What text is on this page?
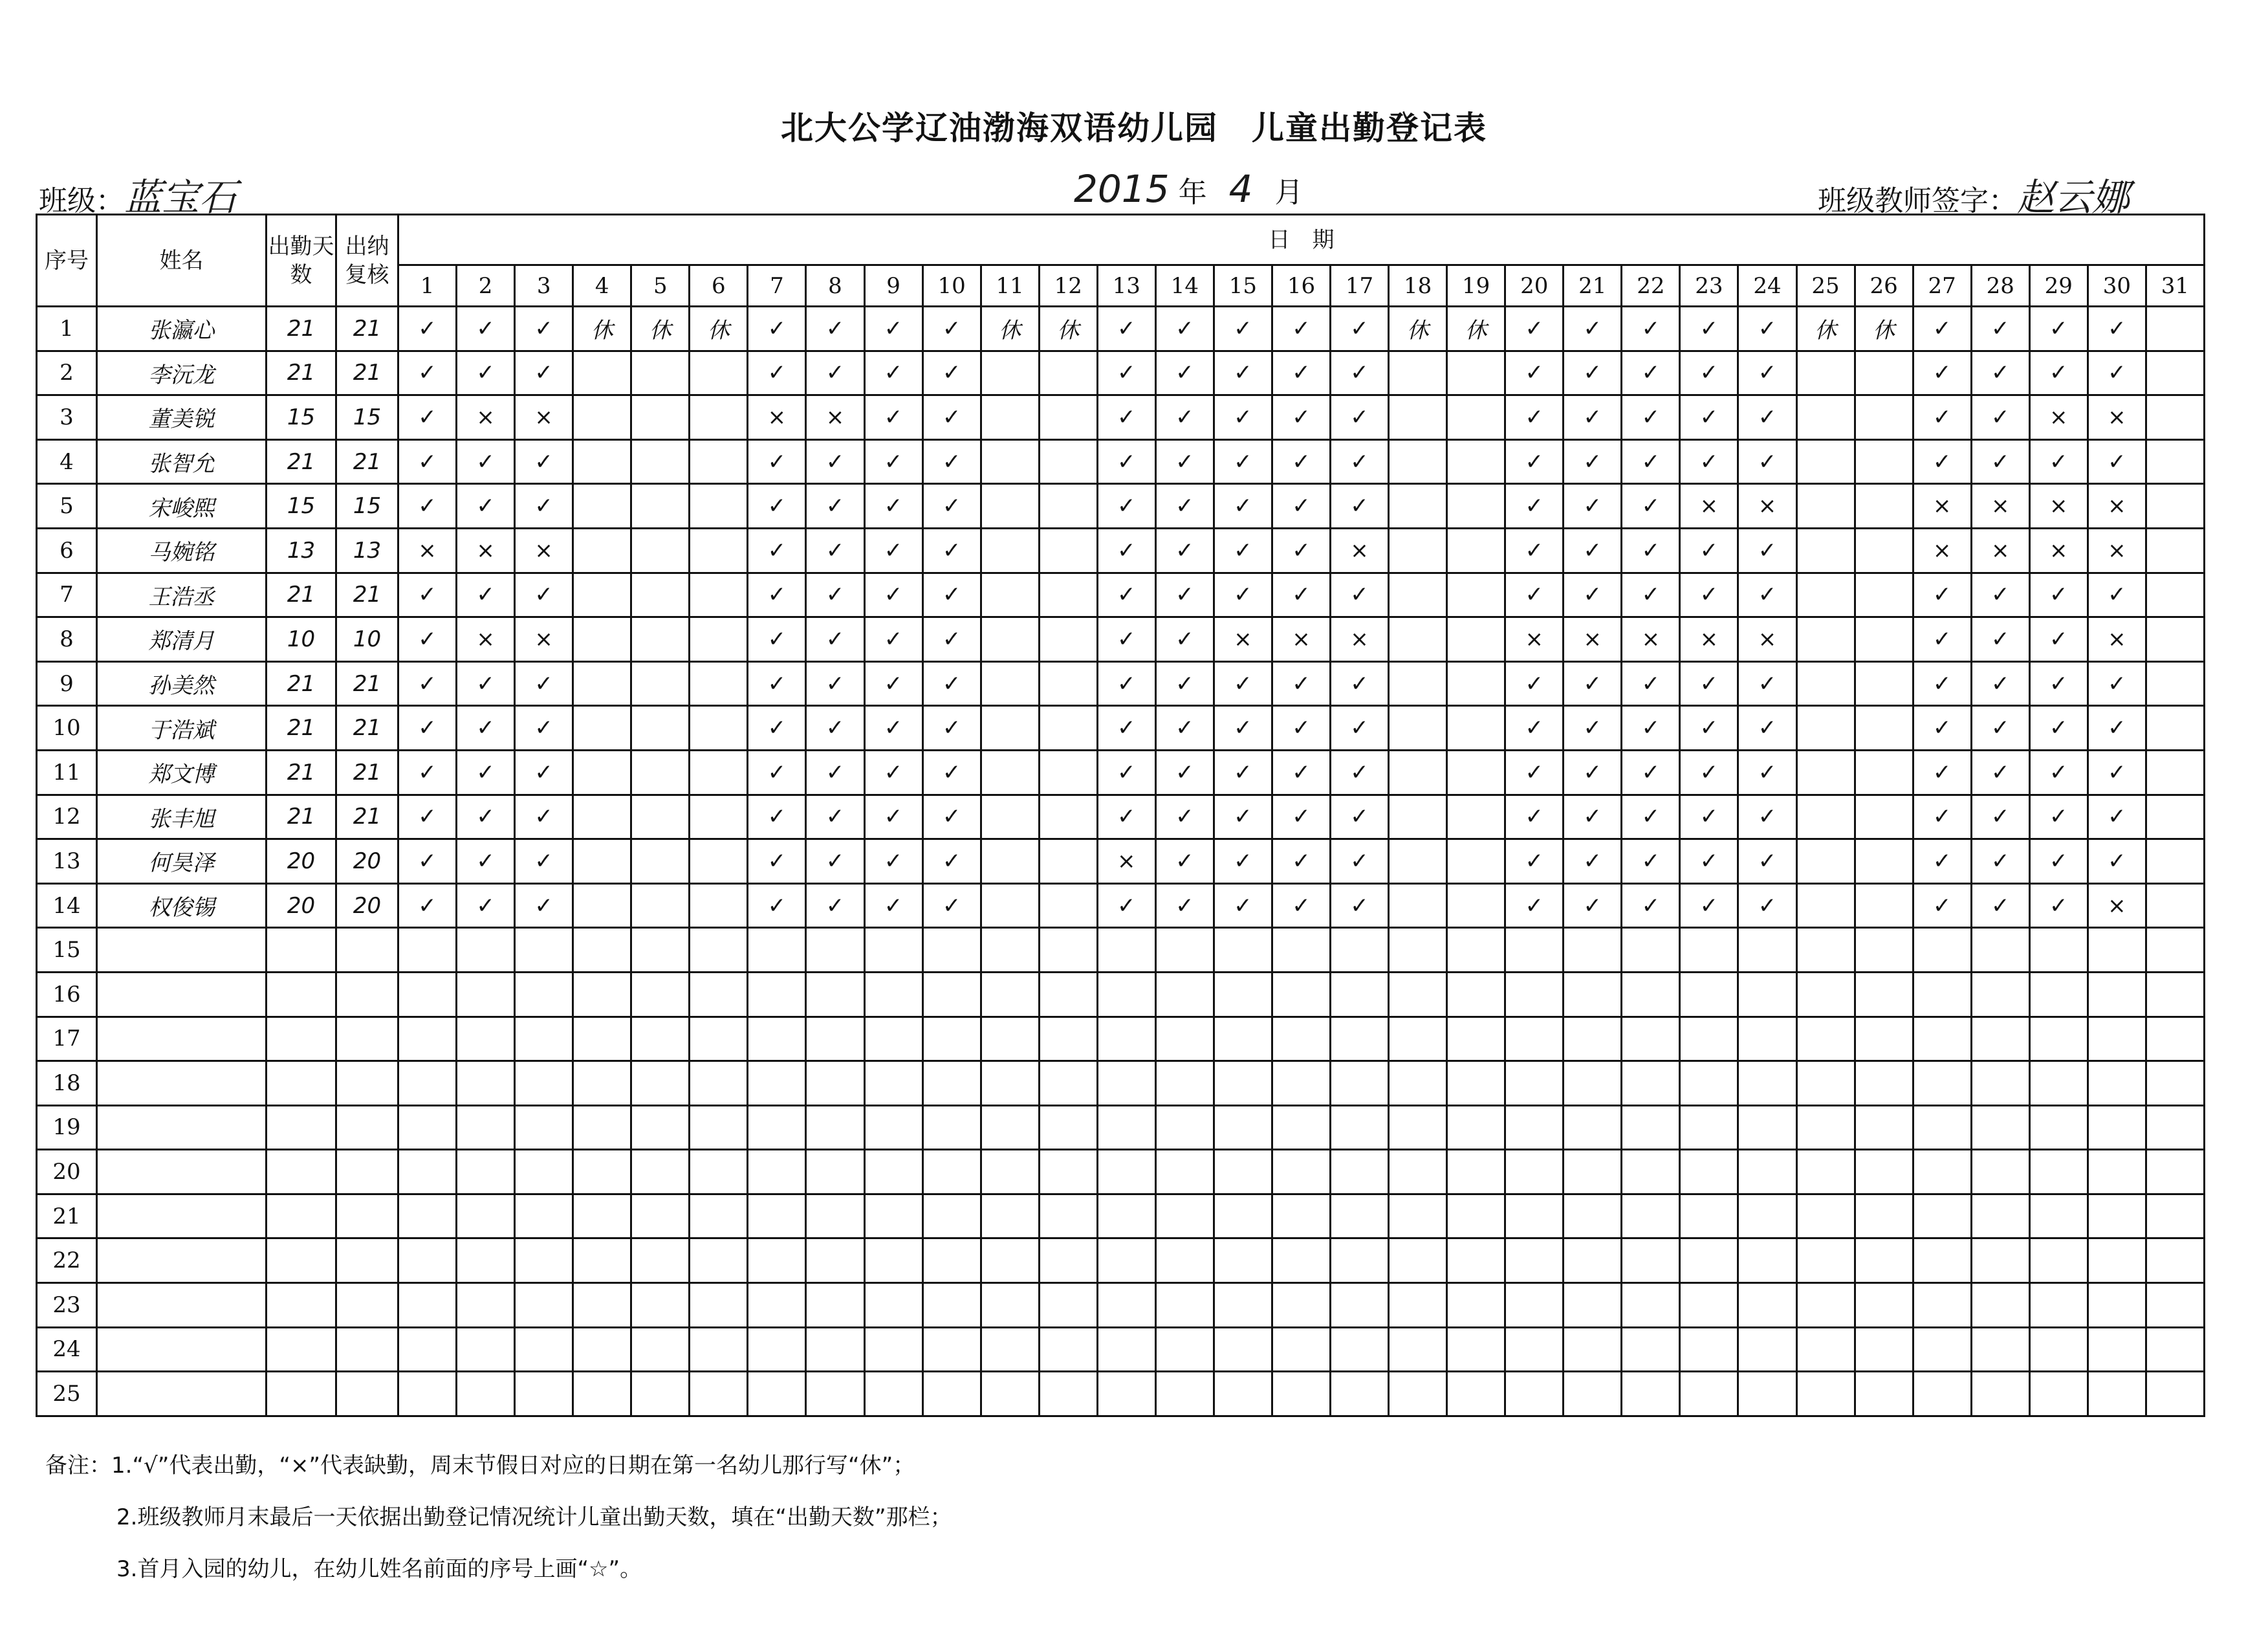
北大公学辽油渤海双语幼儿园　儿童出勤登记表
班级：蓝宝石	2015 年 4 月	班级教师签字：赵云娜
序号	姓名	出勤天数	出纳复核	日　期																														
				1	2	3	4	5	6	7	8	9	10	11	12	13	14	15	16	17	18	19	20	21	22	23	24	25	26	27	28	29	30	31
1	张瀛心	21	21	✓	✓	✓	休	休	休	✓	✓	✓	✓	休	休	✓	✓	✓	✓	✓	休	休	✓	✓	✓	✓	✓	休	休	✓	✓	✓	✓	
2	李沅龙	21	21	✓	✓	✓				✓	✓	✓	✓			✓	✓	✓	✓	✓			✓	✓	✓	✓	✓			✓	✓	✓	✓	
3	董美锐	15	15	✓	×	×				×	×	✓	✓			✓	✓	✓	✓	✓			✓	✓	✓	✓	✓			✓	✓	×	×	
4	张智允	21	21	✓	✓	✓				✓	✓	✓	✓			✓	✓	✓	✓	✓			✓	✓	✓	✓	✓			✓	✓	✓	✓	
5	宋峻熙	15	15	✓	✓	✓				✓	✓	✓	✓			✓	✓	✓	✓	✓			✓	✓	✓	×	×			×	×	×	×	
6	马婉铭	13	13	×	×	×				✓	✓	✓	✓			✓	✓	✓	✓	×			✓	✓	✓	✓	✓			×	×	×	×	
7	王浩丞	21	21	✓	✓	✓				✓	✓	✓	✓			✓	✓	✓	✓	✓			✓	✓	✓	✓	✓			✓	✓	✓	✓	
8	郑清月	10	10	✓	×	×				✓	✓	✓	✓			✓	✓	×	×	×			×	×	×	×	×			✓	✓	✓	×	
9	孙美然	21	21	✓	✓	✓				✓	✓	✓	✓			✓	✓	✓	✓	✓			✓	✓	✓	✓	✓			✓	✓	✓	✓	
10	于浩斌	21	21	✓	✓	✓				✓	✓	✓	✓			✓	✓	✓	✓	✓			✓	✓	✓	✓	✓			✓	✓	✓	✓	
11	郑文博	21	21	✓	✓	✓				✓	✓	✓	✓			✓	✓	✓	✓	✓			✓	✓	✓	✓	✓			✓	✓	✓	✓	
12	张丰旭	21	21	✓	✓	✓				✓	✓	✓	✓			✓	✓	✓	✓	✓			✓	✓	✓	✓	✓			✓	✓	✓	✓	
13	何昊泽	20	20	✓	✓	✓				✓	✓	✓	✓			×	✓	✓	✓	✓			✓	✓	✓	✓	✓			✓	✓	✓	✓	
14	权俊锡	20	20	✓	✓	✓				✓	✓	✓	✓			✓	✓	✓	✓	✓			✓	✓	✓	✓	✓			✓	✓	✓	×	
15																																		
16																																		
17																																		
18																																		
19																																		
20																																		
21																																		
22																																		
23																																		
24																																		
25																																		
备注：1.“√”代表出勤，“×”代表缺勤，周末节假日对应的日期在第一名幼儿那行写“休”；
2.班级教师月末最后一天依据出勤登记情况统计儿童出勤天数，填在“出勤天数”那栏；
3.首月入园的幼儿，在幼儿姓名前面的序号上画“☆”。
